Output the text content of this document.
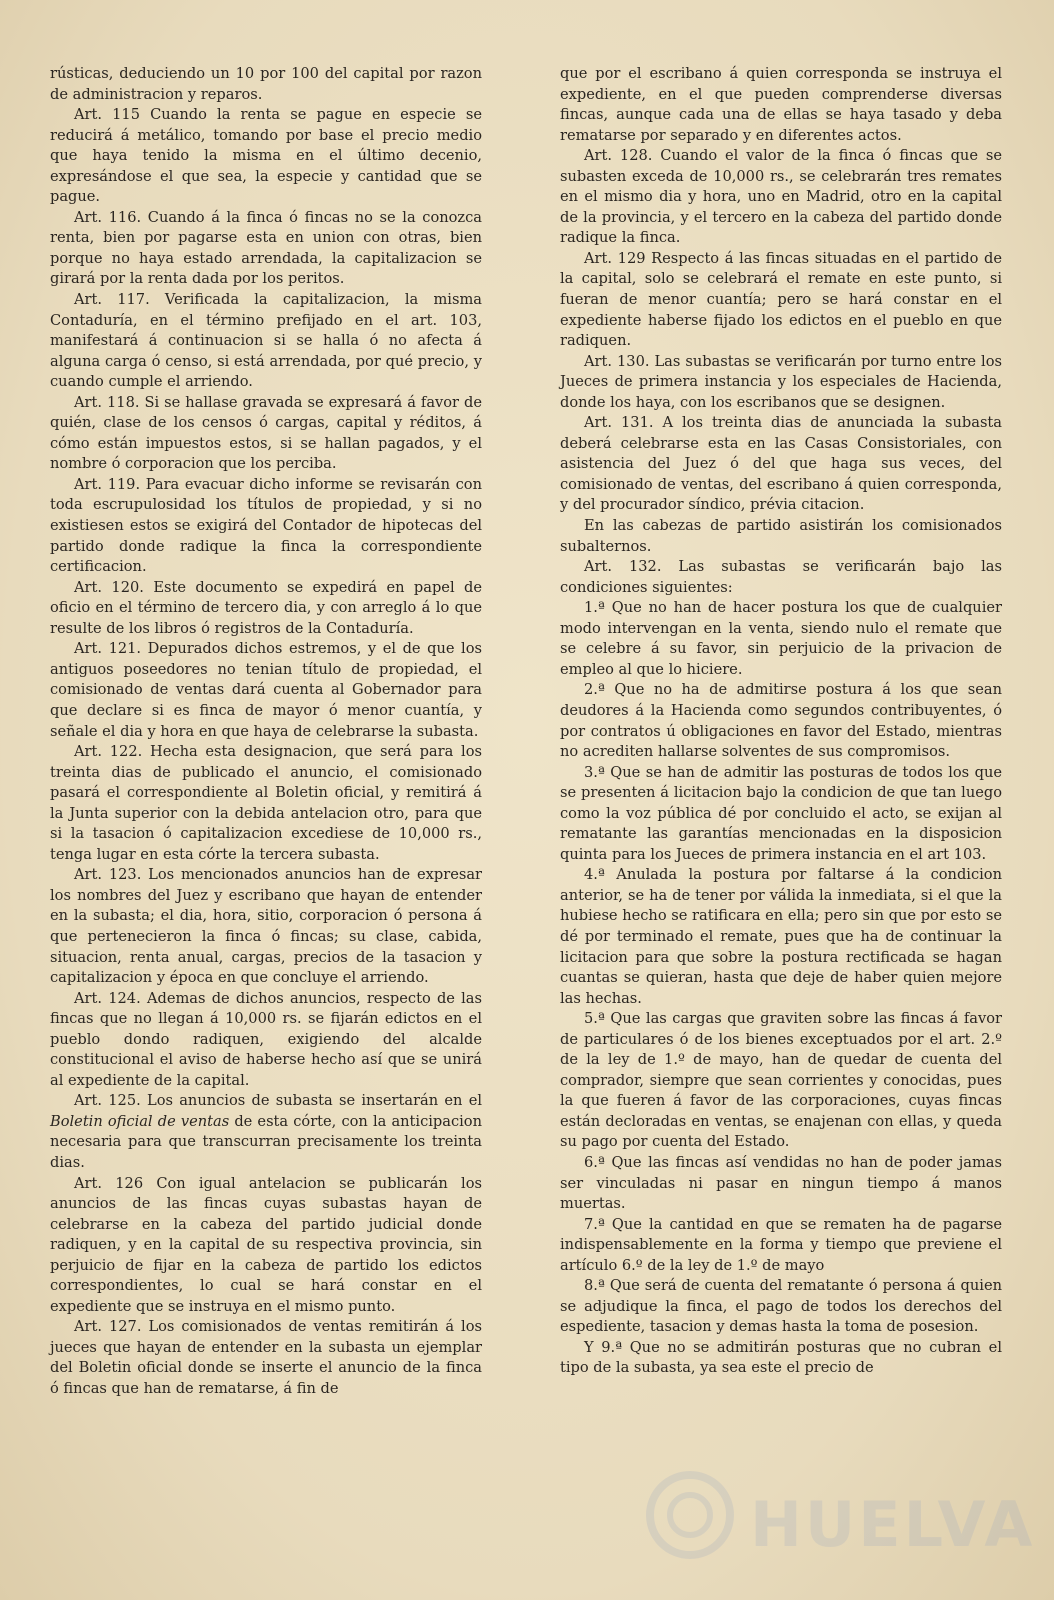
rústicas, deduciendo un 10 por 100 del capital por razon de administracion y reparos.

Art. 115 Cuando la renta se pague en especie se reducirá á metálico, tomando por base el precio medio que haya tenido la misma en el último decenio, expresándose el que sea, la especie y cantidad que se pague.

Art. 116. Cuando á la finca ó fincas no se la conozca renta, bien por pagarse esta en union con otras, bien porque no haya estado arrendada, la capitalizacion se girará por la renta dada por los peritos.

Art. 117. Verificada la capitalizacion, la misma Contaduría, en el término prefijado en el art. 103, manifestará á continuacion si se halla ó no afecta á alguna carga ó censo, si está arrendada, por qué precio, y cuando cumple el arriendo.

Art. 118. Si se hallase gravada se expresará á favor de quién, clase de los censos ó cargas, capital y réditos, á cómo están impuestos estos, si se hallan pagados, y el nombre ó corporacion que los perciba.

Art. 119. Para evacuar dicho informe se revisarán con toda escrupulosidad los títulos de propiedad, y si no existiesen estos se exigirá del Contador de hipotecas del partido donde radique la finca la correspondiente certificacion.

Art. 120. Este documento se expedirá en papel de oficio en el término de tercero dia, y con arreglo á lo que resulte de los libros ó registros de la Contaduría.

Art. 121. Depurados dichos estremos, y el de que los antiguos poseedores no tenian título de propiedad, el comisionado de ventas dará cuenta al Gobernador para que declare si es finca de mayor ó menor cuantía, y señale el dia y hora en que haya de celebrarse la subasta.

Art. 122. Hecha esta designacion, que será para los treinta dias de publicado el anuncio, el comisionado pasará el correspondiente al Boletin oficial, y remitirá á la Junta superior con la debida antelacion otro, para que si la tasacion ó capitalizacion excediese de 10,000 rs., tenga lugar en esta córte la tercera subasta.

Art. 123. Los mencionados anuncios han de expresar los nombres del Juez y escribano que hayan de entender en la subasta; el dia, hora, sitio, corporacion ó persona á que pertenecieron la finca ó fincas; su clase, cabida, situacion, renta anual, cargas, precios de la tasacion y capitalizacion y época en que concluye el arriendo.

Art. 124. Ademas de dichos anuncios, respecto de las fincas que no llegan á 10,000 rs. se fijarán edictos en el pueblo dondo radiquen, exigiendo del alcalde constitucional el aviso de haberse hecho así que se unirá al expediente de la capital.

Art. 125. Los anuncios de subasta se insertarán en el Boletin oficial de ventas de esta córte, con la anticipacion necesaria para que transcurran precisamente los treinta dias.

Art. 126 Con igual antelacion se publicarán los anuncios de las fincas cuyas subastas hayan de celebrarse en la cabeza del partido judicial donde radiquen, y en la capital de su respectiva provincia, sin perjuicio de fijar en la cabeza de partido los edictos correspondientes, lo cual se hará constar en el expediente que se instruya en el mismo punto.

Art. 127. Los comisionados de ventas remitirán á los jueces que hayan de entender en la subasta un ejemplar del Boletin oficial donde se inserte el anuncio de la finca ó fincas que han de rematarse, á fin de

que por el escribano á quien corresponda se instruya el expediente, en el que pueden comprenderse diversas fincas, aunque cada una de ellas se haya tasado y deba rematarse por separado y en diferentes actos.

Art. 128. Cuando el valor de la finca ó fincas que se subasten exceda de 10,000 rs., se celebrarán tres remates en el mismo dia y hora, uno en Madrid, otro en la capital de la provincia, y el tercero en la cabeza del partido donde radique la finca.

Art. 129 Respecto á las fincas situadas en el partido de la capital, solo se celebrará el remate en este punto, si fueran de menor cuantía; pero se hará constar en el expediente haberse fijado los edictos en el pueblo en que radiquen.

Art. 130. Las subastas se verificarán por turno entre los Jueces de primera instancia y los especiales de Hacienda, donde los haya, con los escribanos que se designen.

Art. 131. A los treinta dias de anunciada la subasta deberá celebrarse esta en las Casas Consistoriales, con asistencia del Juez ó del que haga sus veces, del comisionado de ventas, del escribano á quien corresponda, y del procurador síndico, prévia citacion.

En las cabezas de partido asistirán los comisionados subalternos.

Art. 132. Las subastas se verificarán bajo las condiciones siguientes:

1.ª Que no han de hacer postura los que de cualquier modo intervengan en la venta, siendo nulo el remate que se celebre á su favor, sin perjuicio de la privacion de empleo al que lo hiciere.

2.ª Que no ha de admitirse postura á los que sean deudores á la Hacienda como segundos contribuyentes, ó por contratos ú obligaciones en favor del Estado, mientras no acrediten hallarse solventes de sus compromisos.

3.ª Que se han de admitir las posturas de todos los que se presenten á licitacion bajo la condicion de que tan luego como la voz pública dé por concluido el acto, se exijan al rematante las garantías mencionadas en la disposicion quinta para los Jueces de primera instancia en el art 103.

4.ª Anulada la postura por faltarse á la condicion anterior, se ha de tener por válida la inmediata, si el que la hubiese hecho se ratificara en ella; pero sin que por esto se dé por terminado el remate, pues que ha de continuar la licitacion para que sobre la postura rectificada se hagan cuantas se quieran, hasta que deje de haber quien mejore las hechas.

5.ª Que las cargas que graviten sobre las fincas á favor de particulares ó de los bienes exceptuados por el art. 2.º de la ley de 1.º de mayo, han de quedar de cuenta del comprador, siempre que sean corrientes y conocidas, pues la que fueren á favor de las corporaciones, cuyas fincas están decloradas en ventas, se enajenan con ellas, y queda su pago por cuenta del Estado.

6.ª Que las fincas así vendidas no han de poder jamas ser vinculadas ni pasar en ningun tiempo á manos muertas.

7.ª Que la cantidad en que se rematen ha de pagarse indispensablemente en la forma y tiempo que previene el artículo 6.º de la ley de 1.º de mayo

8.ª Que será de cuenta del rematante ó persona á quien se adjudique la finca, el pago de todos los derechos del espediente, tasacion y demas hasta la toma de posesion.

Y 9.ª Que no se admitirán posturas que no cubran el tipo de la subasta, ya sea este el precio de

HUELVA
